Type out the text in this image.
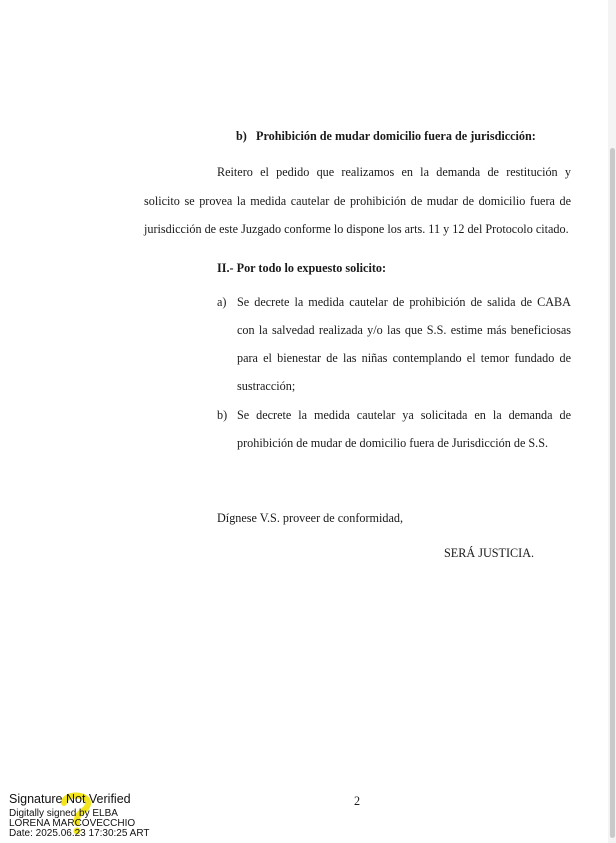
b) Prohibición de mudar domicilio fuera de jurisdicción:
Reitero el pedido que realizamos en la demanda de restitución y
solicito se provea la medida cautelar de prohibición de mudar de domicilio fuera de
jurisdicción de este Juzgado conforme lo dispone los arts. 11 y 12 del Protocolo citado.
II.- Por todo lo expuesto solicito:
a) Se decrete la medida cautelar de prohibición de salida de CABA
con la salvedad realizada y/o las que S.S. estime más beneficiosas
para el bienestar de las niñas contemplando el temor fundado de
sustracción;
b) Se decrete la medida cautelar ya solicitada en la demanda de
prohibición de mudar de domicilio fuera de Jurisdicción de S.S.
Dígnese V.S. proveer de conformidad,
SERÁ JUSTICIA.
2
Signature Not Verified
Digitally signed by ELBA
LORENA MARCOVECCHIO
Date: 2025.06.23 17:30:25 ART
